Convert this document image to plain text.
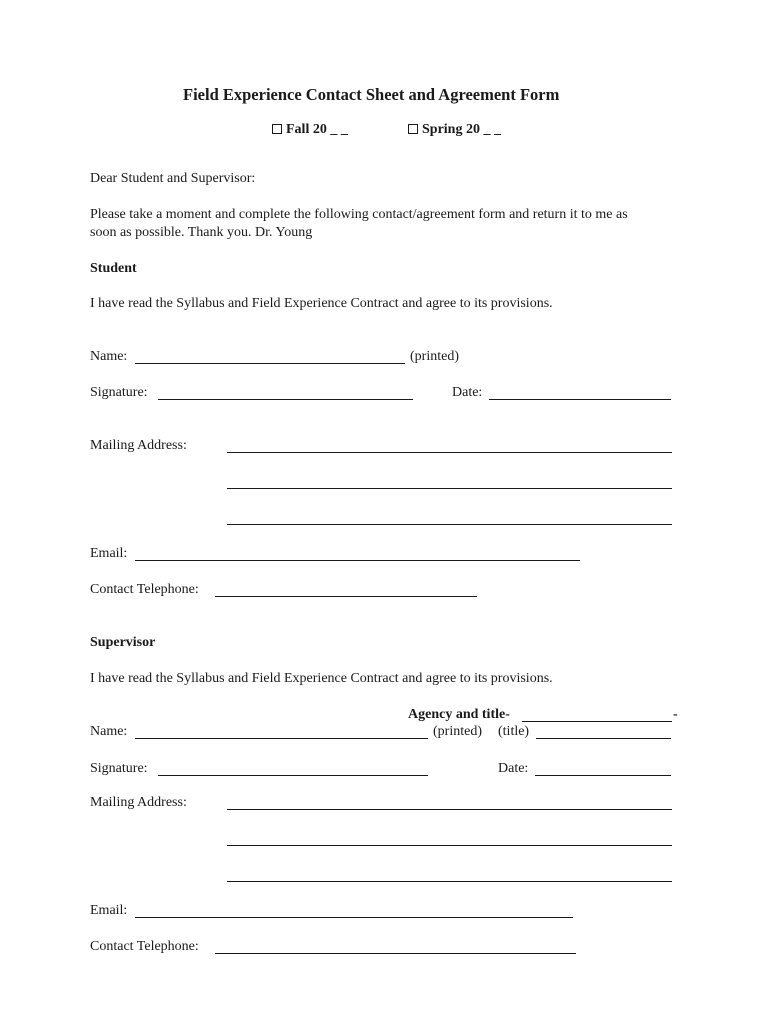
Field Experience Contact Sheet and Agreement Form
Fall 20 _ _	Spring 20 _ _
Dear Student and Supervisor:
Please take a moment and complete the following contact/agreement form and return it to me as
soon as possible. Thank you. Dr. Young
Student
I have read the Syllabus and Field Experience Contract and agree to its provisions.
Name:	(printed)
Signature:	Date:
Mailing Address:
Email:
Contact Telephone:
Supervisor
I have read the Syllabus and Field Experience Contract and agree to its provisions.
Agency and title-	-
Name:	(printed) (title)
Signature:	Date:
Mailing Address:
Email:
Contact Telephone:
